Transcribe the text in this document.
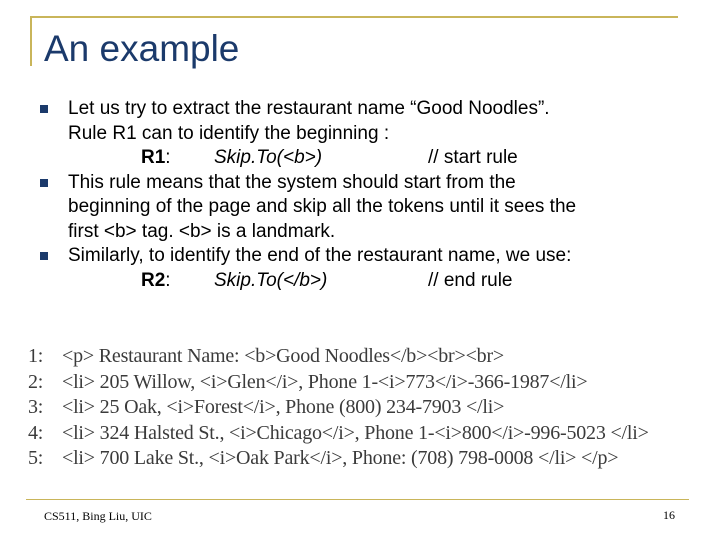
An example
Let us try to extract the restaurant name “Good Noodles”.
Rule R1 can to identify the beginning :
R1: Skip.To(<b>)	// start rule
This rule means that the system should start from the
beginning of the page and skip all the tokens until it sees the
first <b> tag. <b> is a landmark.
Similarly, to identify the end of the restaurant name, we use:
R2: Skip.To(</b>)	// end rule
1: <p> Restaurant Name: <b>Good Noodles</b><br><br>
2: <li> 205 Willow, <i>Glen</i>, Phone 1-<i>773</i>-366-1987</li>
3: <li> 25 Oak, <i>Forest</i>, Phone (800) 234-7903 </li>
4: <li> 324 Halsted St., <i>Chicago</i>, Phone 1-<i>800</i>-996-5023 </li>
5: <li> 700 Lake St., <i>Oak Park</i>, Phone: (708) 798-0008 </li> </p>
CS511, Bing Liu, UIC	16
